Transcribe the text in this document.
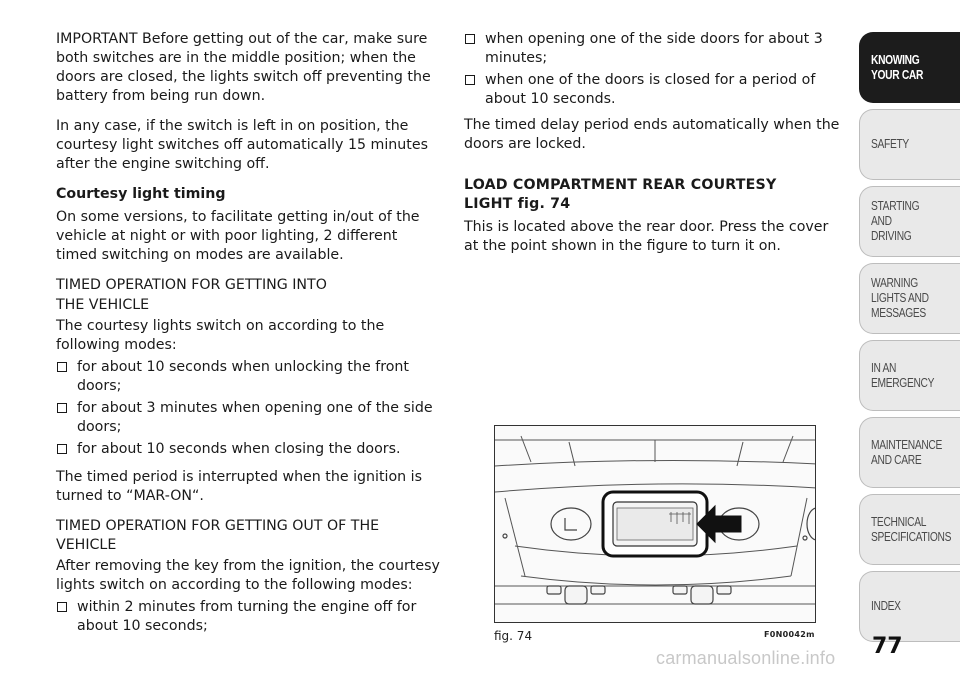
IMPORTANT Before getting out of the car, make sure both switches are in the middle position; when the doors are closed, the lights switch off preventing the battery from being run down.

In any case, if the switch is left in on position, the courtesy light switches off automatically 15 minutes after the engine switching off.

Courtesy light timing

On some versions, to facilitate getting in/out of the vehicle at night or with poor lighting, 2 different timed switching on modes are available.

TIMED OPERATION FOR GETTING INTO

THE VEHICLE

The courtesy lights switch on according to the following modes:

for about 10 seconds when unlocking the front doors;
for about 3 minutes when opening one of the side doors;
for about 10 seconds when closing the doors.

The timed period is interrupted when the ignition is turned to “MAR-ON“.

TIMED OPERATION FOR GETTING OUT OF THE VEHICLE

After removing the key from the ignition, the courtesy lights switch on according to the following modes:

within 2 minutes from turning the engine off for about 10 seconds;
when opening one of the side doors for about 3 minutes;
when one of the doors is closed for a period of about 10 seconds.

The timed delay period ends automatically when the doors are locked.

LOAD COMPARTMENT REAR COURTESY

LIGHT fig. 74

This is located above the rear door. Press the cover at the point shown in the figure to turn it on.

fig. 74	F0N0042m
KNOWING
YOUR CAR
SAFETY
STARTING
AND
DRIVING
WARNING
LIGHTS AND
MESSAGES
IN AN
EMERGENCY
MAINTENANCE
AND CARE
TECHNICAL
SPECIFICATIONS
INDEX
77
carmanualsonline.info
